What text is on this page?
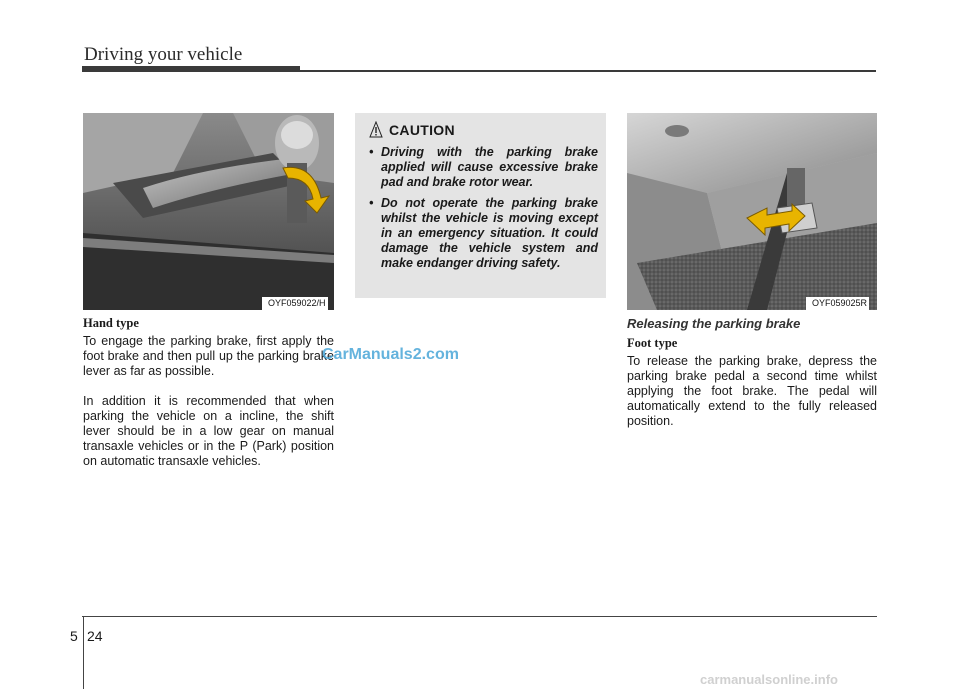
Driving your vehicle
OYF059022/H
Hand type
To engage the parking brake, first apply the foot brake and then pull up the parking brake lever as far as possible.
In addition it is recommended that when parking the vehicle on a incline, the shift lever should be in a low gear on manual transaxle vehicles or in the P (Park) position on automatic transaxle vehicles.
CAUTION
• Driving with the parking brake applied will cause excessive brake pad and brake rotor wear.
• Do not operate the parking brake whilst the vehicle is moving except in an emergency situation. It could damage the vehicle system and make endanger driving safety.
OYF059025R
Releasing the parking brake
Foot type
To release the parking brake, depress the parking brake pedal a second time whilst applying the foot brake. The pedal will automatically extend to the fully released position.
CarManuals2.com
5 24
carmanualsonline.info
